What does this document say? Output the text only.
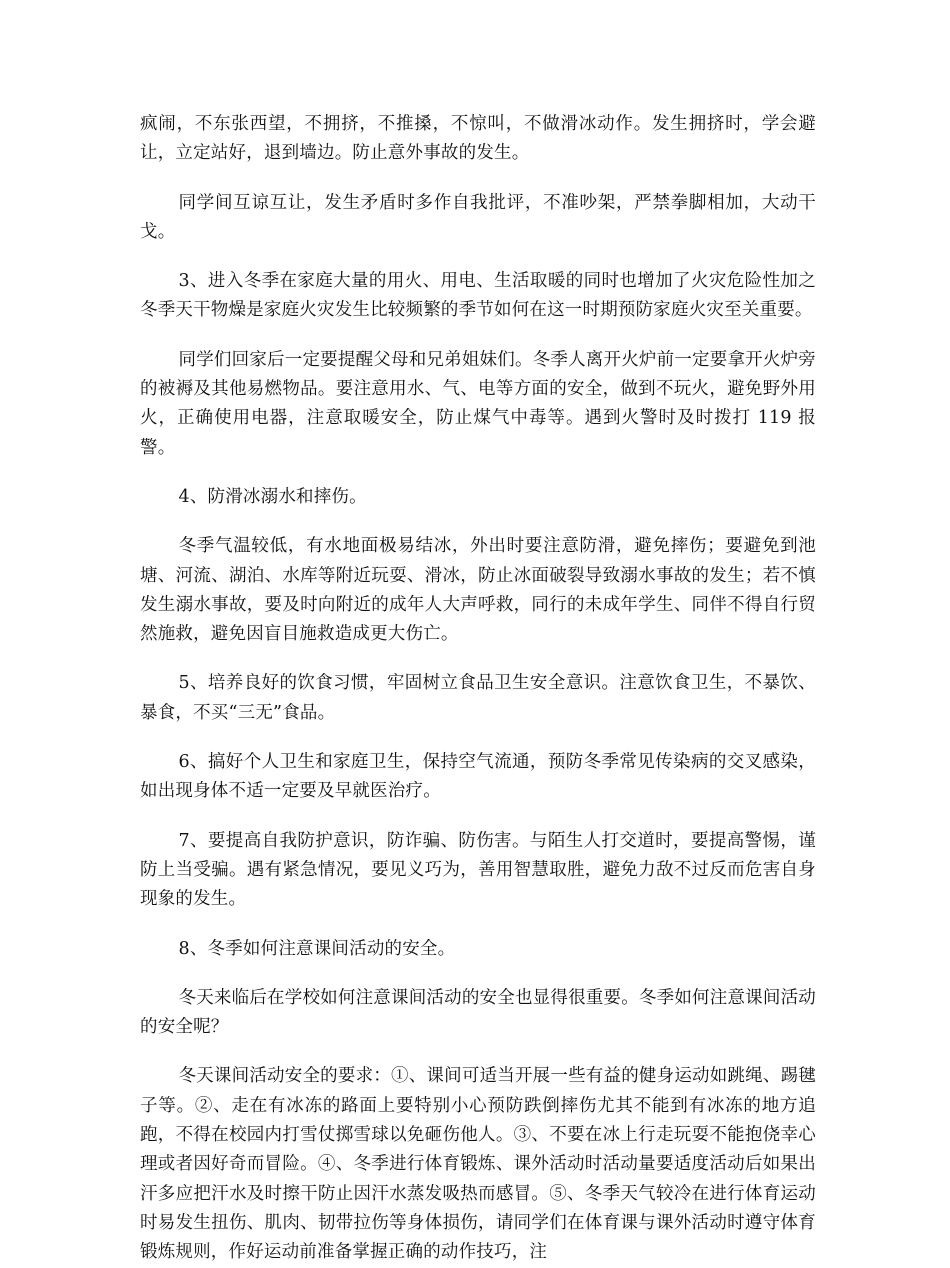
疯闹，不东张西望，不拥挤，不推搡，不惊叫，不做滑冰动作。发生拥挤时，学会避让，立定站好，退到墙边。防止意外事故的发生。

同学间互谅互让，发生矛盾时多作自我批评，不准吵架，严禁拳脚相加，大动干戈。

3、进入冬季在家庭大量的用火、用电、生活取暖的同时也增加了火灾危险性加之冬季天干物燥是家庭火灾发生比较频繁的季节如何在这一时期预防家庭火灾至关重要。

同学们回家后一定要提醒父母和兄弟姐妹们。冬季人离开火炉前一定要拿开火炉旁的被褥及其他易燃物品。要注意用水、气、电等方面的安全，做到不玩火，避免野外用火，正确使用电器，注意取暖安全，防止煤气中毒等。遇到火警时及时拨打 119 报警。

4、防滑冰溺水和摔伤。

冬季气温较低，有水地面极易结冰，外出时要注意防滑，避免摔伤；要避免到池塘、河流、湖泊、水库等附近玩耍、滑冰，防止冰面破裂导致溺水事故的发生；若不慎发生溺水事故，要及时向附近的成年人大声呼救，同行的未成年学生、同伴不得自行贸然施救，避免因盲目施救造成更大伤亡。

5、培养良好的饮食习惯，牢固树立食品卫生安全意识。注意饮食卫生，不暴饮、暴食，不买“三无”食品。

6、搞好个人卫生和家庭卫生，保持空气流通，预防冬季常见传染病的交叉感染，如出现身体不适一定要及早就医治疗。

7、要提高自我防护意识，防诈骗、防伤害。与陌生人打交道时，要提高警惕，谨防上当受骗。遇有紧急情况，要见义巧为，善用智慧取胜，避免力敌不过反而危害自身现象的发生。

8、冬季如何注意课间活动的安全。

冬天来临后在学校如何注意课间活动的安全也显得很重要。冬季如何注意课间活动的安全呢？

冬天课间活动安全的要求：①、课间可适当开展一些有益的健身运动如跳绳、踢毽子等。②、走在有冰冻的路面上要特别小心预防跌倒摔伤尤其不能到有冰冻的地方追跑，不得在校园内打雪仗掷雪球以免砸伤他人。③、不要在冰上行走玩耍不能抱侥幸心理或者因好奇而冒险。④、冬季进行体育锻炼、课外活动时活动量要适度活动后如果出汗多应把汗水及时擦干防止因汗水蒸发吸热而感冒。⑤、冬季天气较冷在进行体育运动时易发生扭伤、肌肉、韧带拉伤等身体损伤，请同学们在体育课与课外活动时遵守体育锻炼规则，作好运动前准备掌握正确的动作技巧，注
